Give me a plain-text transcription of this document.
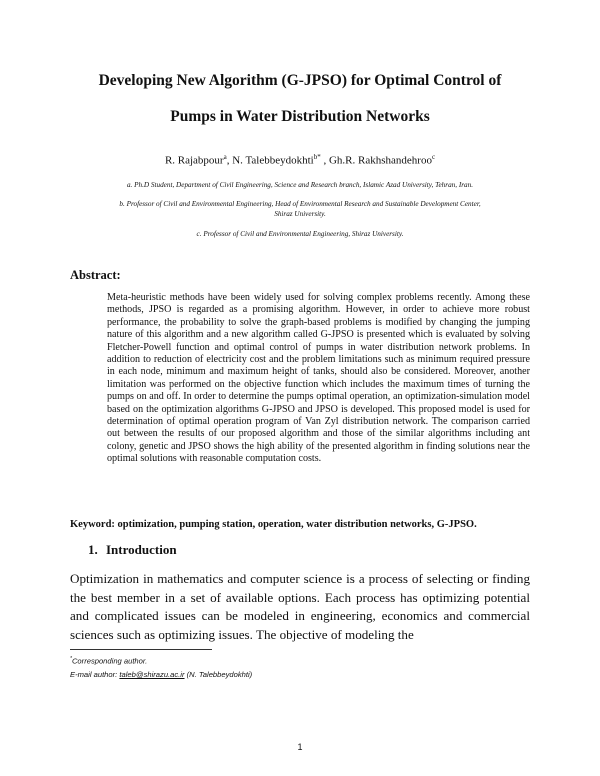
Developing New Algorithm (G-JPSO) for Optimal Control of
Pumps in Water Distribution Networks
R. Rajabpour$^a$, N. Talebbeydokhti$^{b*}$ , Gh.R. Rakhshandehroo$^c$
a. Ph.D Student, Department of Civil Engineering, Science and Research branch, Islamic Azad University, Tehran, Iran.
b. Professor of Civil and Environmental Engineering, Head of Environmental Research and Sustainable Development Center,
Shiraz University.
c. Professor of Civil and Environmental Engineering, Shiraz University.
Abstract:
Meta-heuristic methods have been widely used for solving complex problems recently. Among these methods, JPSO is regarded as a promising algorithm. However, in order to achieve more robust performance, the probability to solve the graph-based problems is modified by changing the jumping nature of this algorithm and a new algorithm called G-JPSO is presented which is evaluated by solving Fletcher-Powell function and optimal control of pumps in water distribution network problems. In addition to reduction of electricity cost and the problem limitations such as minimum required pressure in each node, minimum and maximum height of tanks, should also be considered. Moreover, another limitation was performed on the objective function which includes the maximum times of turning the pumps on and off. In order to determine the pumps optimal operation, an optimization-simulation model based on the optimization algorithms G-JPSO and JPSO is developed. This proposed model is used for determination of optimal operation program of Van Zyl distribution network. The comparison carried out between the results of our proposed algorithm and those of the similar algorithms including ant colony, genetic and JPSO shows the high ability of the presented algorithm in finding solutions near the optimal solutions with reasonable computation costs.
Keyword: optimization, pumping station, operation, water distribution networks, G-JPSO.
1. Introduction
Optimization in mathematics and computer science is a process of selecting or finding the best member in a set of available options. Each process has optimizing potential and complicated issues can be modeled in engineering, economics and commercial sciences such as optimizing issues. The objective of modeling the
*Corresponding author.
E-mail author: taleb@shirazu.ac.ir (N. Talebbeydokhti)
1
